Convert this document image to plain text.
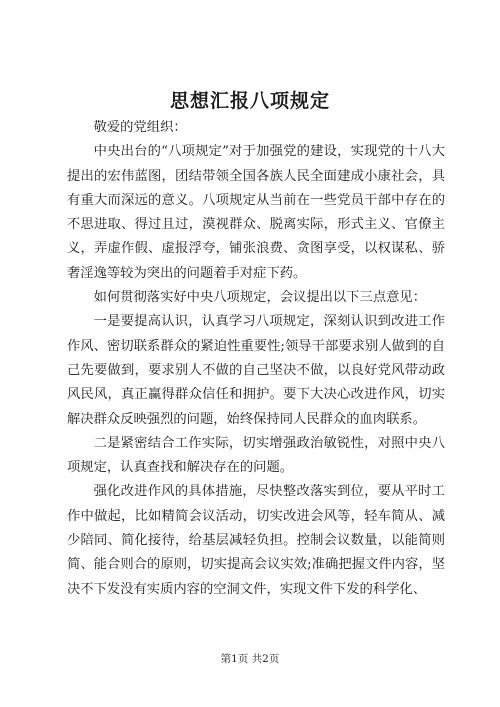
思想汇报八项规定

敬爱的党组织：

中央出台的“八项规定”对于加强党的建设，实现党的十八大提出的宏伟蓝图，团结带领全国各族人民全面建成小康社会，具有重大而深远的意义。八项规定从当前在一些党员干部中存在的不思进取、得过且过，漠视群众、脱离实际，形式主义、官僚主义，弄虚作假、虚报浮夸，铺张浪费、贪图享受，以权谋私、骄奢淫逸等较为突出的问题着手对症下药。

如何贯彻落实好中央八项规定，会议提出以下三点意见：

一是要提高认识，认真学习八项规定，深刻认识到改进工作作风、密切联系群众的紧迫性重要性;领导干部要求别人做到的自己先要做到，要求别人不做的自己坚决不做，以良好党风带动政风民风，真正赢得群众信任和拥护。要下大决心改进作风，切实解决群众反映强烈的问题，始终保持同人民群众的血肉联系。

二是紧密结合工作实际，切实增强政治敏锐性，对照中央八项规定，认真查找和解决存在的问题。

强化改进作风的具体措施，尽快整改落实到位，要从平时工作中做起，比如精简会议活动，切实改进会风等，轻车简从、减少陪同、简化接待，给基层减轻负担。控制会议数量，以能简则简、能合则合的原则，切实提高会议实效;准确把握文件内容，坚决不下发没有实质内容的空洞文件，实现文件下发的科学化、

第1页 共2页
